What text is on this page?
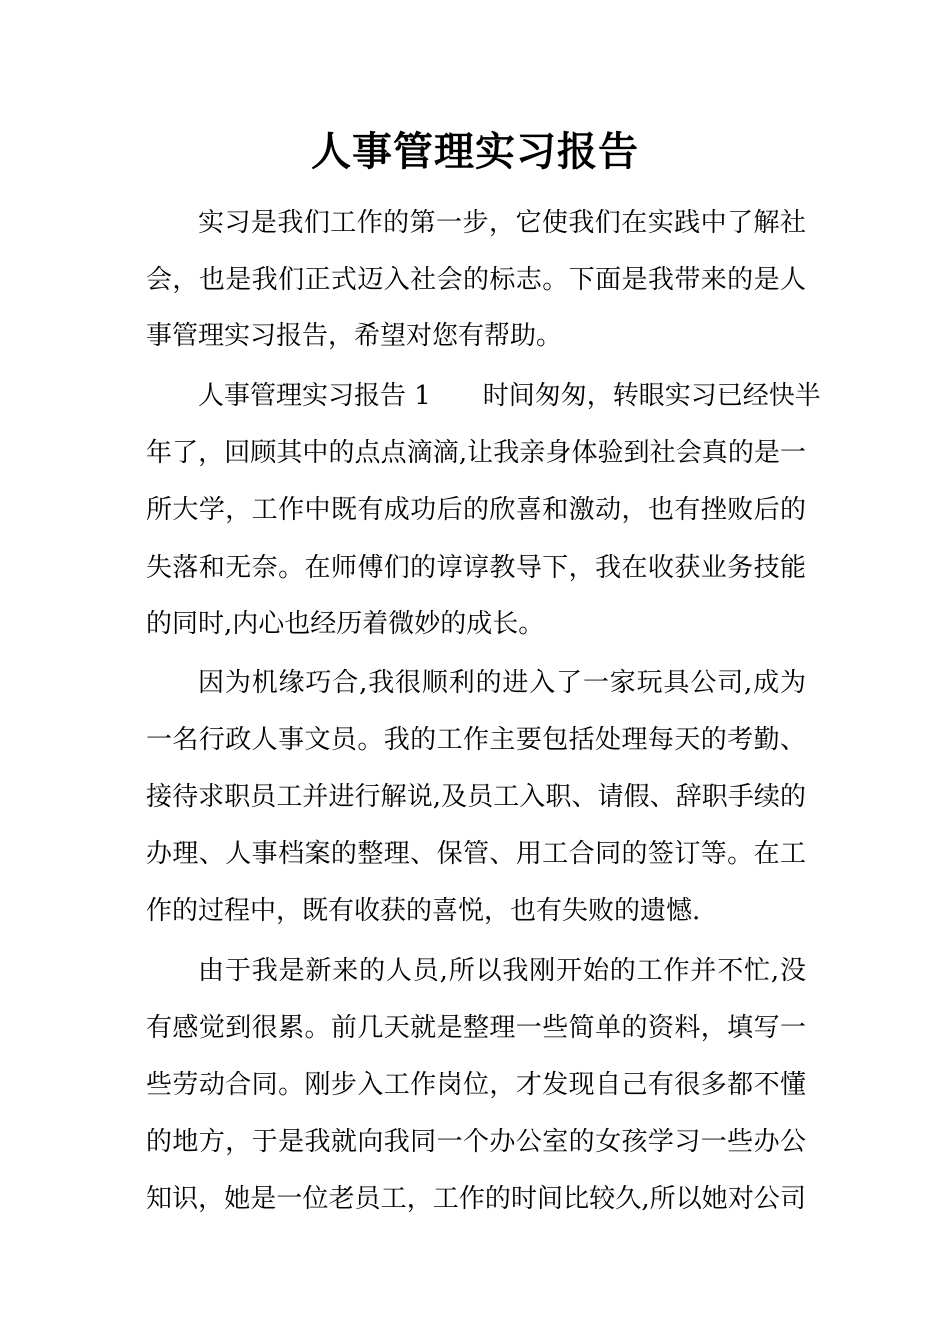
人事管理实习报告
实习是我们工作的第一步，它使我们在实践中了解社
会，也是我们正式迈入社会的标志。下面是我带来的是人
事管理实习报告，希望对您有帮助。
人事管理实习报告 1　　时间匆匆，转眼实习已经快半
年了，回顾其中的点点滴滴,让我亲身体验到社会真的是一
所大学，工作中既有成功后的欣喜和激动，也有挫败后的
失落和无奈。在师傅们的谆谆教导下，我在收获业务技能
的同时,内心也经历着微妙的成长。
因为机缘巧合,我很顺利的进入了一家玩具公司,成为
一名行政人事文员。我的工作主要包括处理每天的考勤、
接待求职员工并进行解说,及员工入职、请假、辞职手续的
办理、人事档案的整理、保管、用工合同的签订等。在工
作的过程中，既有收获的喜悦，也有失败的遗憾.
由于我是新来的人员,所以我刚开始的工作并不忙,没
有感觉到很累。前几天就是整理一些简单的资料，填写一
些劳动合同。刚步入工作岗位，才发现自己有很多都不懂
的地方，于是我就向我同一个办公室的女孩学习一些办公
知识，她是一位老员工，工作的时间比较久,所以她对公司
